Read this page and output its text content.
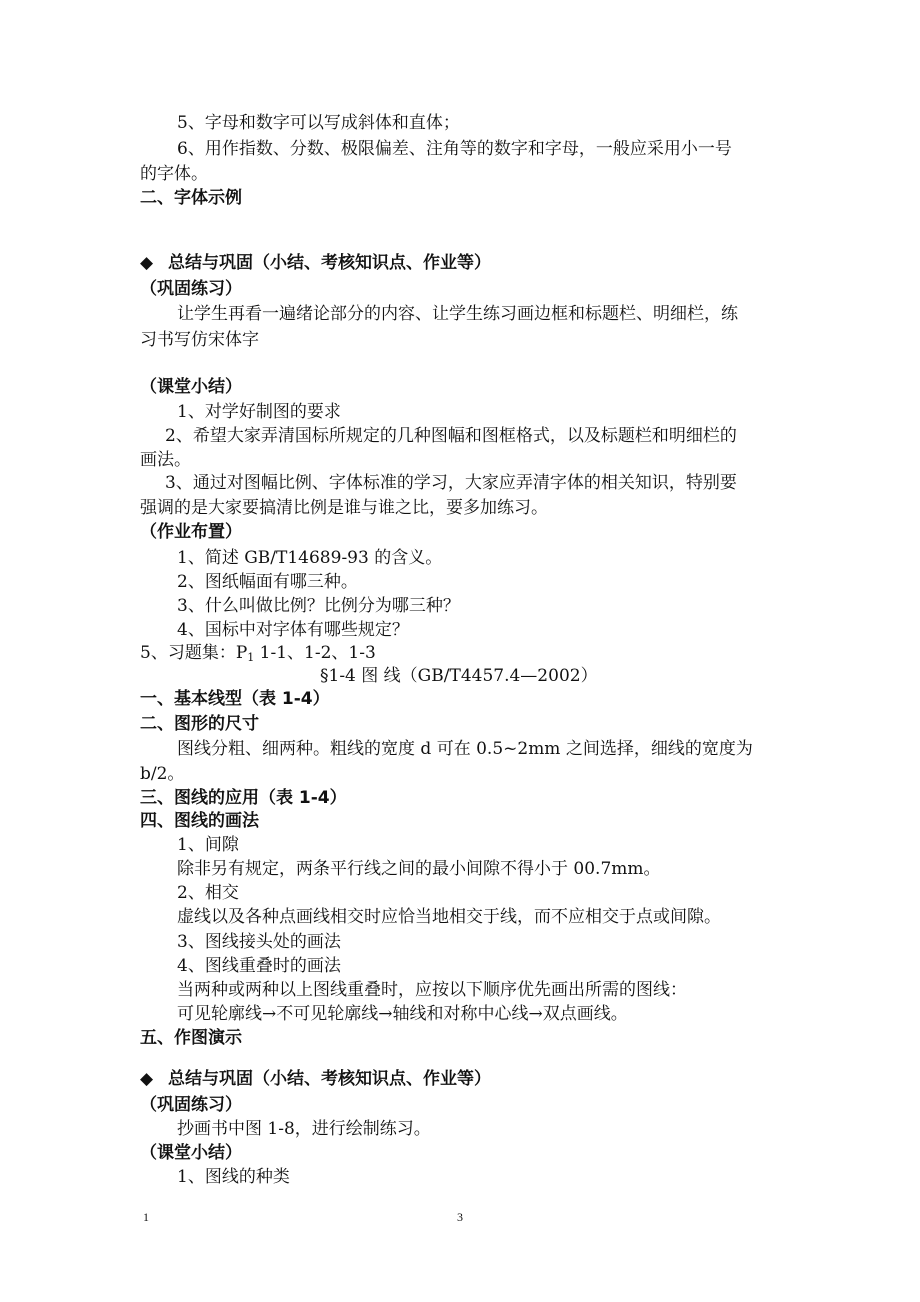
5、字母和数字可以写成斜体和直体；
6、用作指数、分数、极限偏差、注角等的数字和字母，一般应采用小一号
的字体。
二、字体示例
◆ 总结与巩固（小结、考核知识点、作业等）
（巩固练习）
让学生再看一遍绪论部分的内容、让学生练习画边框和标题栏、明细栏，练
习书写仿宋体字
（课堂小结）
1、对学好制图的要求
2、希望大家弄清国标所规定的几种图幅和图框格式，以及标题栏和明细栏的
画法。
3、通过对图幅比例、字体标准的学习，大家应弄清字体的相关知识，特别要
强调的是大家要搞清比例是谁与谁之比，要多加练习。
（作业布置）
1、简述 GB/T14689-93 的含义。
2、图纸幅面有哪三种。
3、什么叫做比例？比例分为哪三种？
4、国标中对字体有哪些规定？
5、习题集：$P_1$ 1-1、1-2、1-3
§1-4 图 线（GB/T4457.4—2002）
一、基本线型（表 1-4）
二、图形的尺寸
图线分粗、细两种。粗线的宽度 d 可在 0.5~2mm 之间选择，细线的宽度为
b/2。
三、图线的应用（表 1-4）
四、图线的画法
1、间隙
除非另有规定，两条平行线之间的最小间隙不得小于 00.7mm。
2、相交
虚线以及各种点画线相交时应恰当地相交于线，而不应相交于点或间隙。
3、图线接头处的画法
4、图线重叠时的画法
当两种或两种以上图线重叠时，应按以下顺序优先画出所需的图线：
可见轮廓线→不可见轮廓线→轴线和对称中心线→双点画线。
五、作图演示
◆ 总结与巩固（小结、考核知识点、作业等）
（巩固练习）
抄画书中图 1-8，进行绘制练习。
（课堂小结）
1、图线的种类
1	3
